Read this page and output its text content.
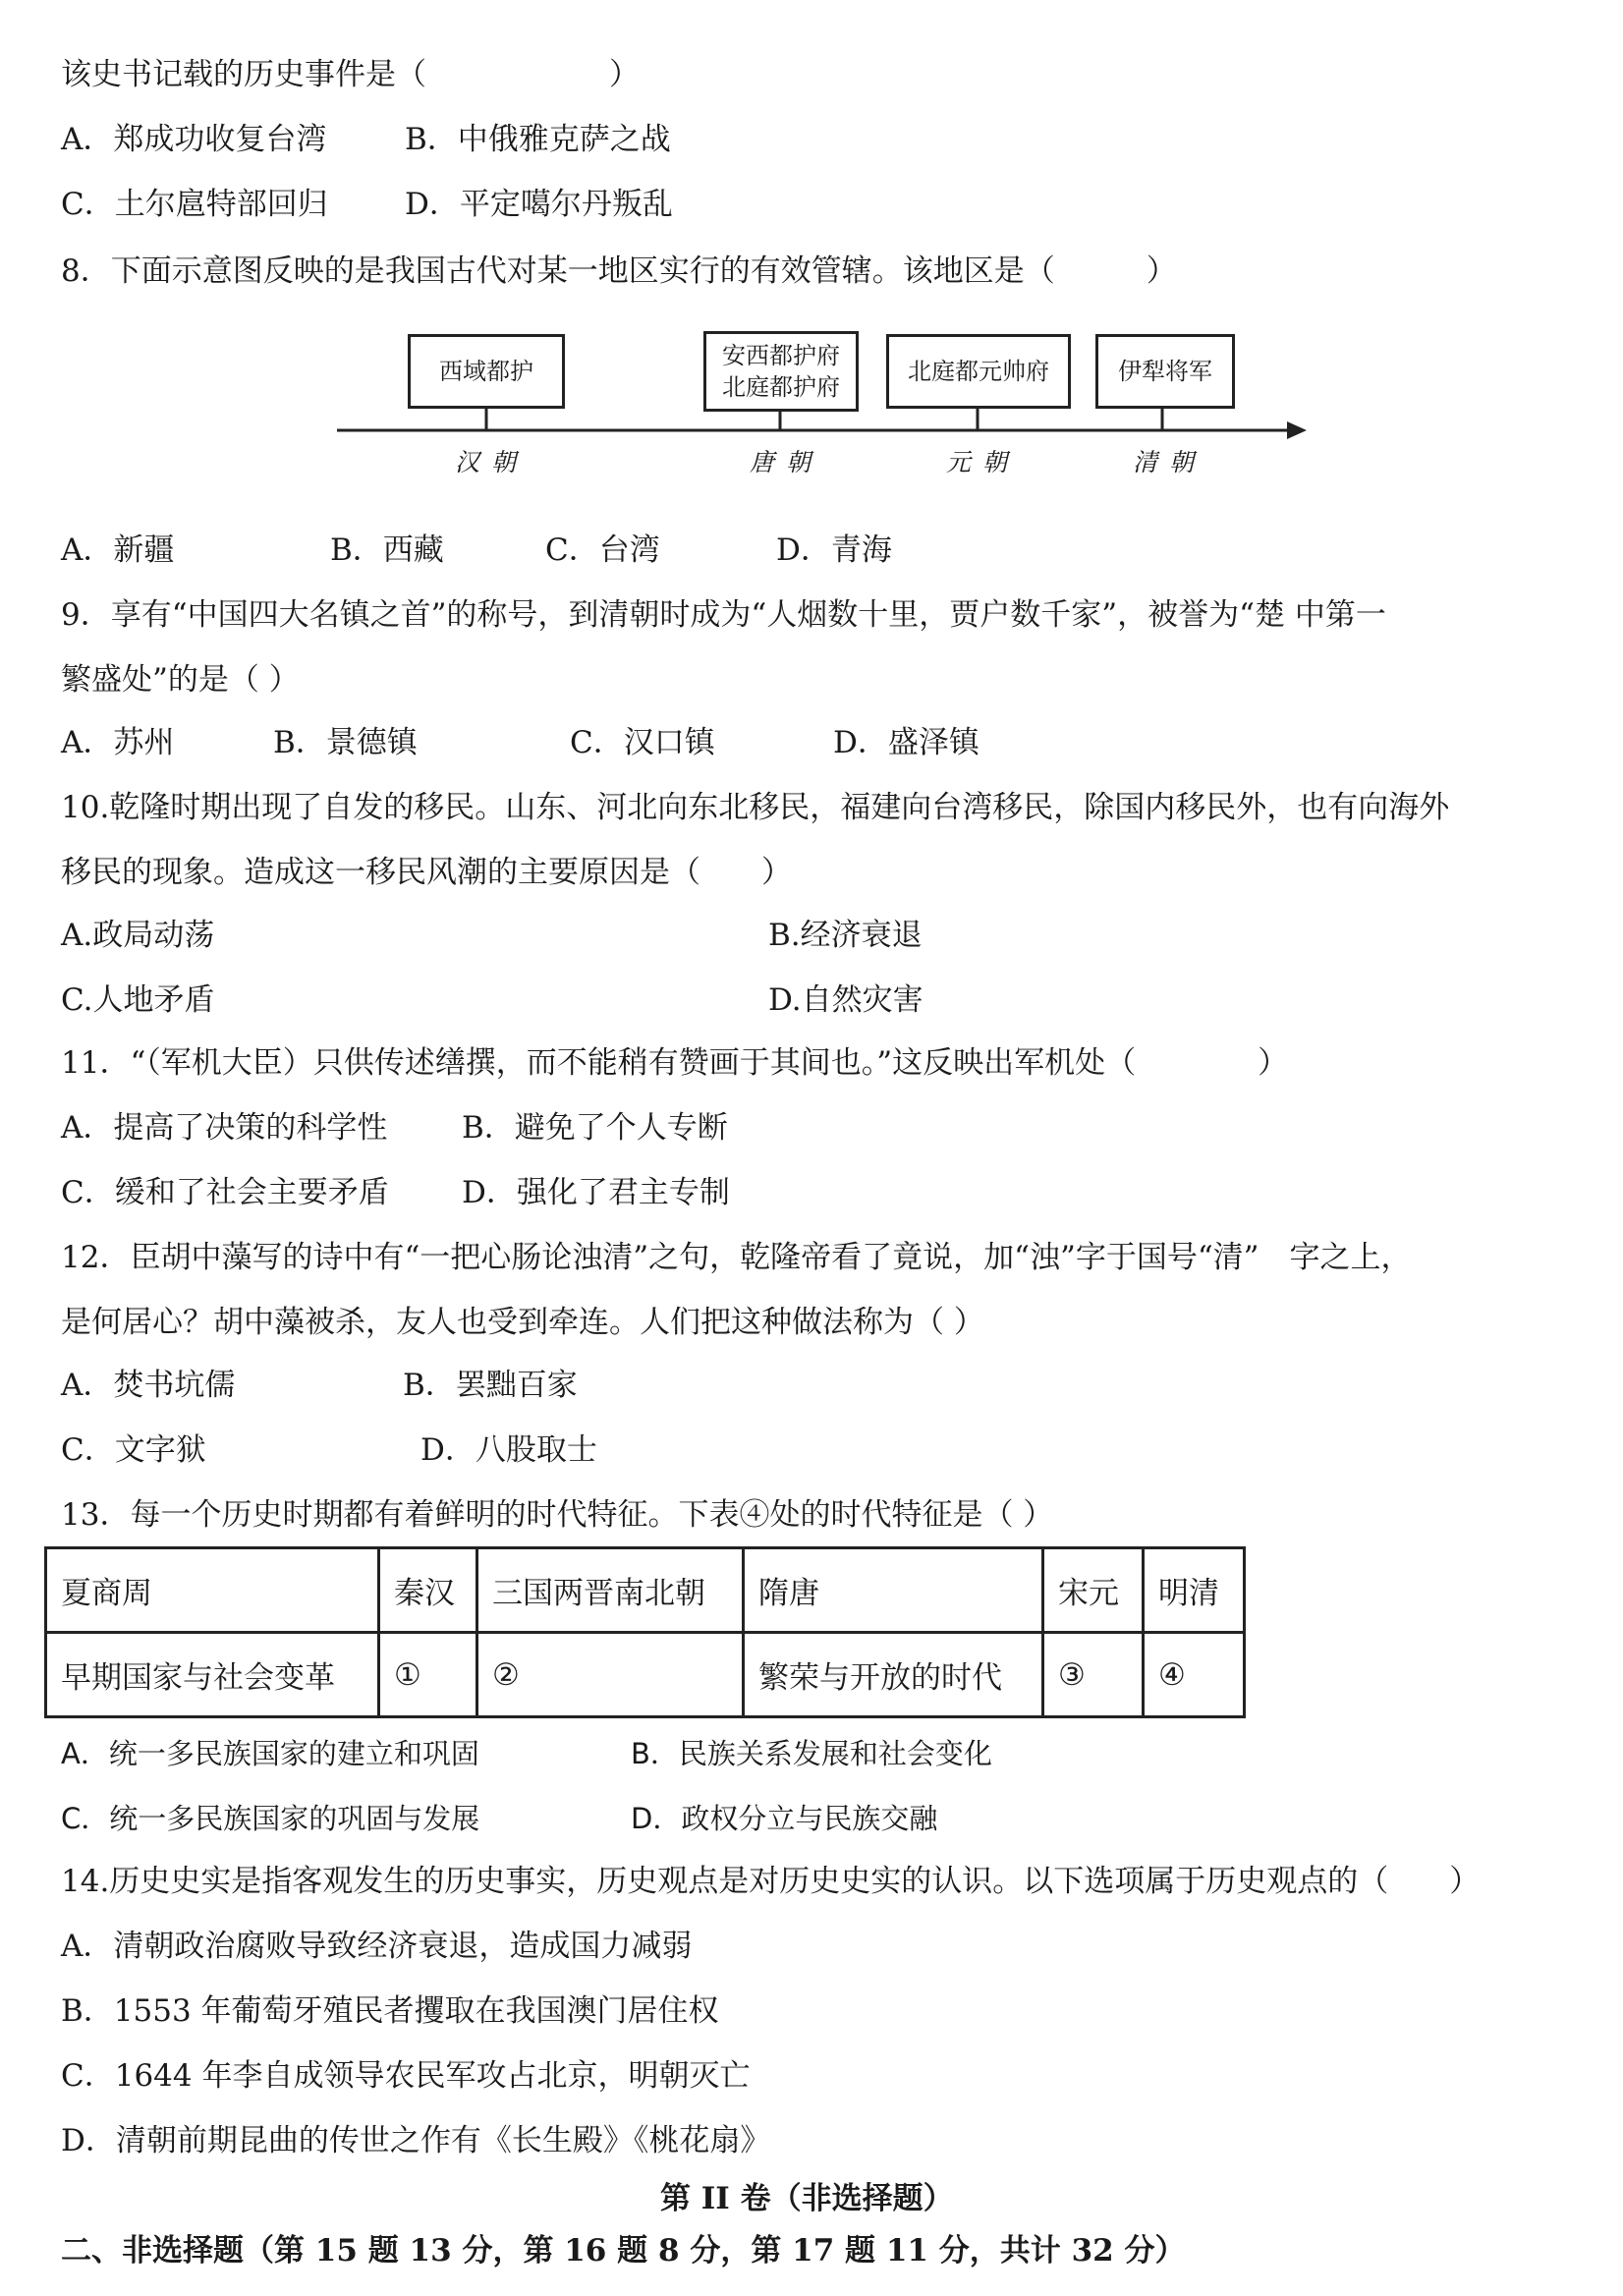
该史书记载的历史事件是（　　　　　　）
A．郑成功收复台湾	B．中俄雅克萨之战
C．土尔扈特部回归	D．平定噶尔丹叛乱
8．下面示意图反映的是我国古代对某一地区实行的有效管辖。该地区是（　　　）
西域都护
安西都护府
北庭都护府
北庭都元帅府	伊犁将军
汉朝	唐朝	元朝	清朝
A．新疆	B．西藏	C．台湾	D．青海
9．享有“中国四大名镇之首”的称号，到清朝时成为“人烟数十里，贾户数千家”，被誉为“楚 中第一
繁盛处”的是（ ）
A．苏州	B．景德镇	C．汉口镇	D．盛泽镇
10.乾隆时期出现了自发的移民。山东、河北向东北移民，福建向台湾移民，除国内移民外，也有向海外
移民的现象。造成这一移民风潮的主要原因是（　　）
A.政局动荡	B.经济衰退
C.人地矛盾	D.自然灾害
11．“（军机大臣）只供传述缮撰，而不能稍有赞画于其间也。”这反映出军机处（　　　　）
A．提高了决策的科学性 B．避免了个人专断
C．缓和了社会主要矛盾 D．强化了君主专制
12．臣胡中藻写的诗中有“一把心肠论浊清”之句，乾隆帝看了竟说，加“浊”字于国号“清”　字之上，
是何居心？胡中藻被杀，友人也受到牵连。人们把这种做法称为（ ）
A．焚书坑儒	B．罢黜百家
C．文字狱	D．八股取士
13．每一个历史时期都有着鲜明的时代特征。下表④处的时代特征是（ ）
夏商周	秦汉	三国两晋南北朝	隋唐	宋元	明清
早期国家与社会变革	①	②	繁荣与开放的时代	③	④
A．统一多民族国家的建立和巩固	B．民族关系发展和社会变化
C．统一多民族国家的巩固与发展	D．政权分立与民族交融
14.历史史实是指客观发生的历史事实，历史观点是对历史史实的认识。以下选项属于历史观点的（　　）
A．清朝政治腐败导致经济衰退，造成国力减弱
B．1553 年葡萄牙殖民者攫取在我国澳门居住权
C．1644 年李自成领导农民军攻占北京，明朝灭亡
D．清朝前期昆曲的传世之作有《长生殿》《桃花扇》
第 II 卷（非选择题）
二、非选择题（第 15 题 13 分，第 16 题 8 分，第 17 题 11 分，共计 32 分）
